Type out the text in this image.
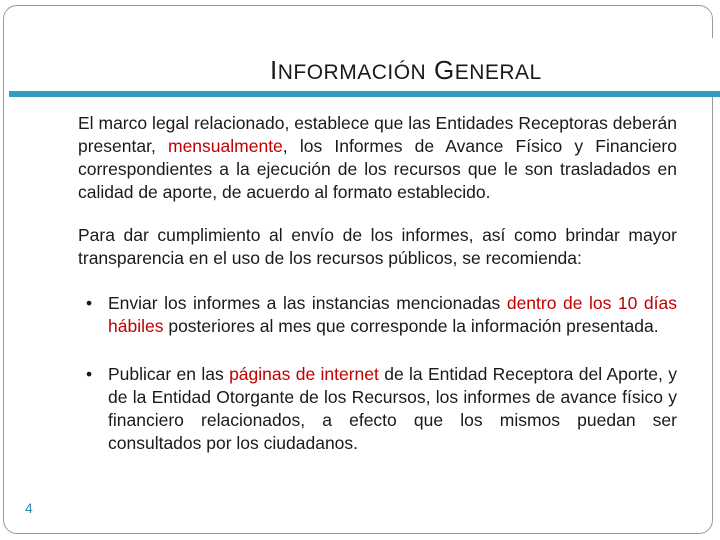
INFORMACIÓN GENERAL

El marco legal relacionado, establece que las Entidades Receptoras deberán presentar, mensualmente, los Informes de Avance Físico y Financiero correspondientes a la ejecución de los recursos que le son trasladados en calidad de aporte, de acuerdo al formato establecido.

Para dar cumplimiento al envío de los informes, así como brindar mayor transparencia en el uso de los recursos públicos, se recomienda:

• Enviar los informes a las instancias mencionadas dentro de los 10 días hábiles posteriores al mes que corresponde la información presentada.
• Publicar en las páginas de internet de la Entidad Receptora del Aporte, y de la Entidad Otorgante de los Recursos, los informes de avance físico y financiero relacionados, a efecto que los mismos puedan ser consultados por los ciudadanos.
4
